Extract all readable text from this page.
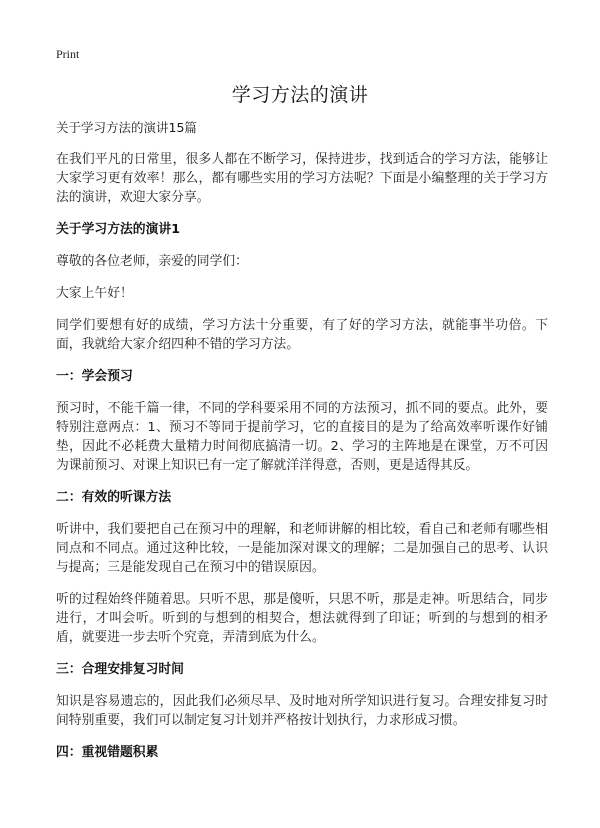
Print
学习方法的演讲

关于学习方法的演讲15篇

在我们平凡的日常里，很多人都在不断学习，保持进步，找到适合的学习方法，能够让大家学习更有效率！那么，都有哪些实用的学习方法呢？下面是小编整理的关于学习方法的演讲，欢迎大家分享。

关于学习方法的演讲1

尊敬的各位老师，亲爱的同学们：

大家上午好！

同学们要想有好的成绩，学习方法十分重要，有了好的学习方法，就能事半功倍。下面，我就给大家介绍四种不错的学习方法。

一：学会预习

预习时，不能千篇一律，不同的学科要采用不同的方法预习，抓不同的要点。此外，要特别注意两点：1、预习不等同于提前学习，它的直接目的是为了给高效率听课作好铺垫，因此不必耗费大量精力时间彻底搞清一切。2、学习的主阵地是在课堂，万不可因为课前预习、对课上知识已有一定了解就洋洋得意，否则，更是适得其反。

二：有效的听课方法

听讲中，我们要把自己在预习中的理解，和老师讲解的相比较，看自己和老师有哪些相同点和不同点。通过这种比较，一是能加深对课文的理解；二是加强自己的思考、认识与提高；三是能发现自己在预习中的错误原因。

听的过程始终伴随着思。只听不思，那是傻听，只思不听，那是走神。听思结合，同步进行，才叫会听。听到的与想到的相契合，想法就得到了印证；听到的与想到的相矛盾，就要进一步去听个究竟，弄清到底为什么。

三：合理安排复习时间

知识是容易遗忘的，因此我们必须尽早、及时地对所学知识进行复习。合理安排复习时间特别重要，我们可以制定复习计划并严格按计划执行，力求形成习惯。

四：重视错题积累
